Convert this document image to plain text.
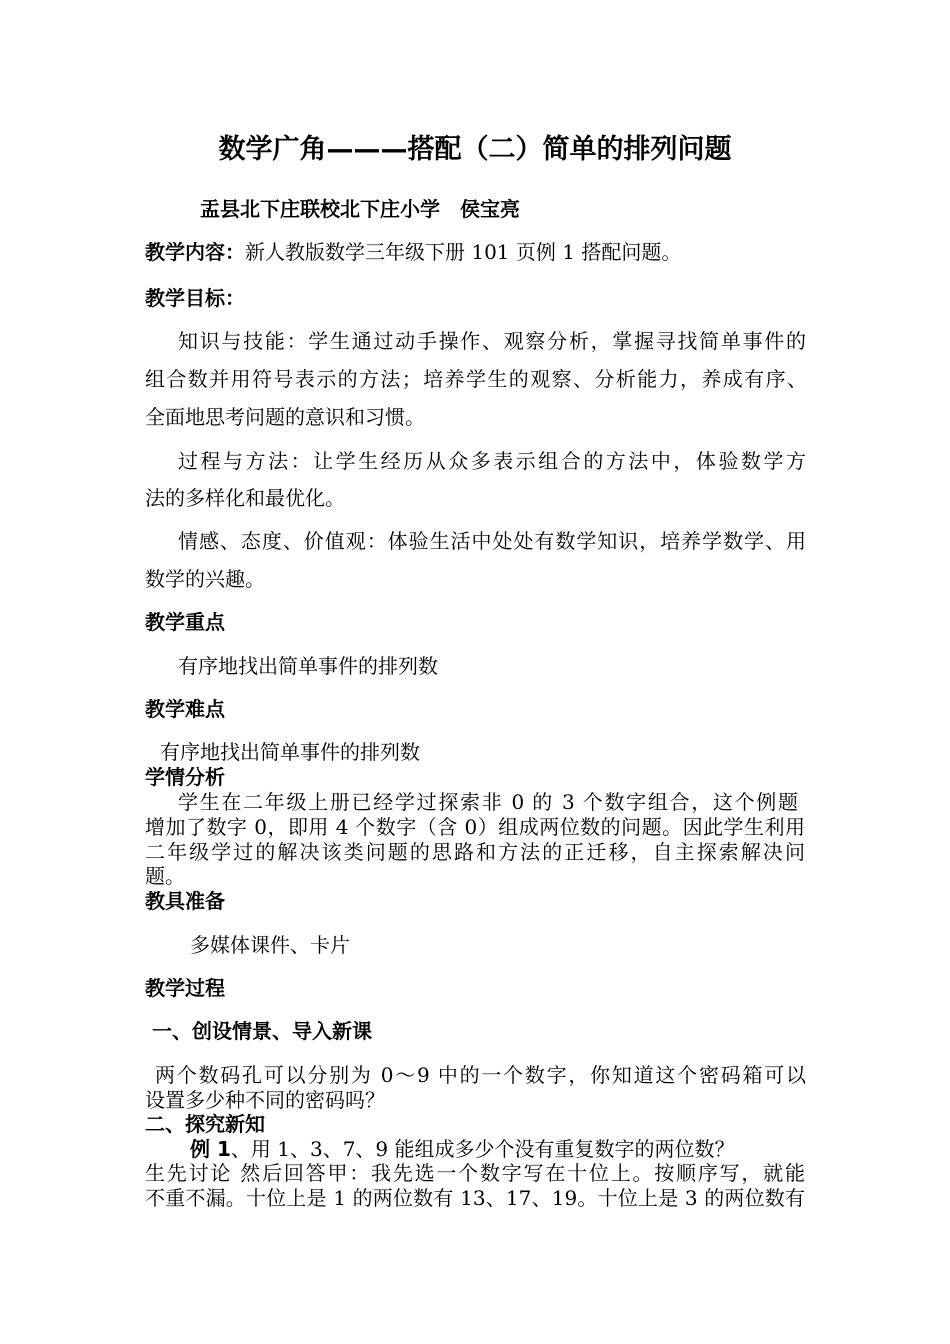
数学广角———搭配（二）简单的排列问题
盂县北下庄联校北下庄小学　侯宝亮
教学内容：新人教版数学三年级下册 101 页例 1 搭配问题。
教学目标：
知识与技能：学生通过动手操作、观察分析，掌握寻找简单事件的
组合数并用符号表示的方法；培养学生的观察、分析能力，养成有序、
全面地思考问题的意识和习惯。
过程与方法：让学生经历从众多表示组合的方法中，体验数学方
法的多样化和最优化。
情感、态度、价值观：体验生活中处处有数学知识，培养学数学、用
数学的兴趣。
教学重点
有序地找出简单事件的排列数
教学难点
有序地找出简单事件的排列数
学情分析
学生在二年级上册已经学过探索非 0 的 3 个数字组合，这个例题
增加了数字 0，即用 4 个数字（含 0）组成两位数的问题。因此学生利用
二年级学过的解决该类问题的思路和方法的正迁移，自主探索解决问
题。
教具准备
多媒体课件、卡片
教学过程
一、创设情景、导入新课
两个数码孔可以分别为 0～9 中的一个数字，你知道这个密码箱可以
设置多少种不同的密码吗？
二、探究新知
例 1、用 1、3、7、9 能组成多少个没有重复数字的两位数？
生先讨论 然后回答甲：我先选一个数字写在十位上。按顺序写，就能
不重不漏。十位上是 1 的两位数有 13、17、19。十位上是 3 的两位数有
